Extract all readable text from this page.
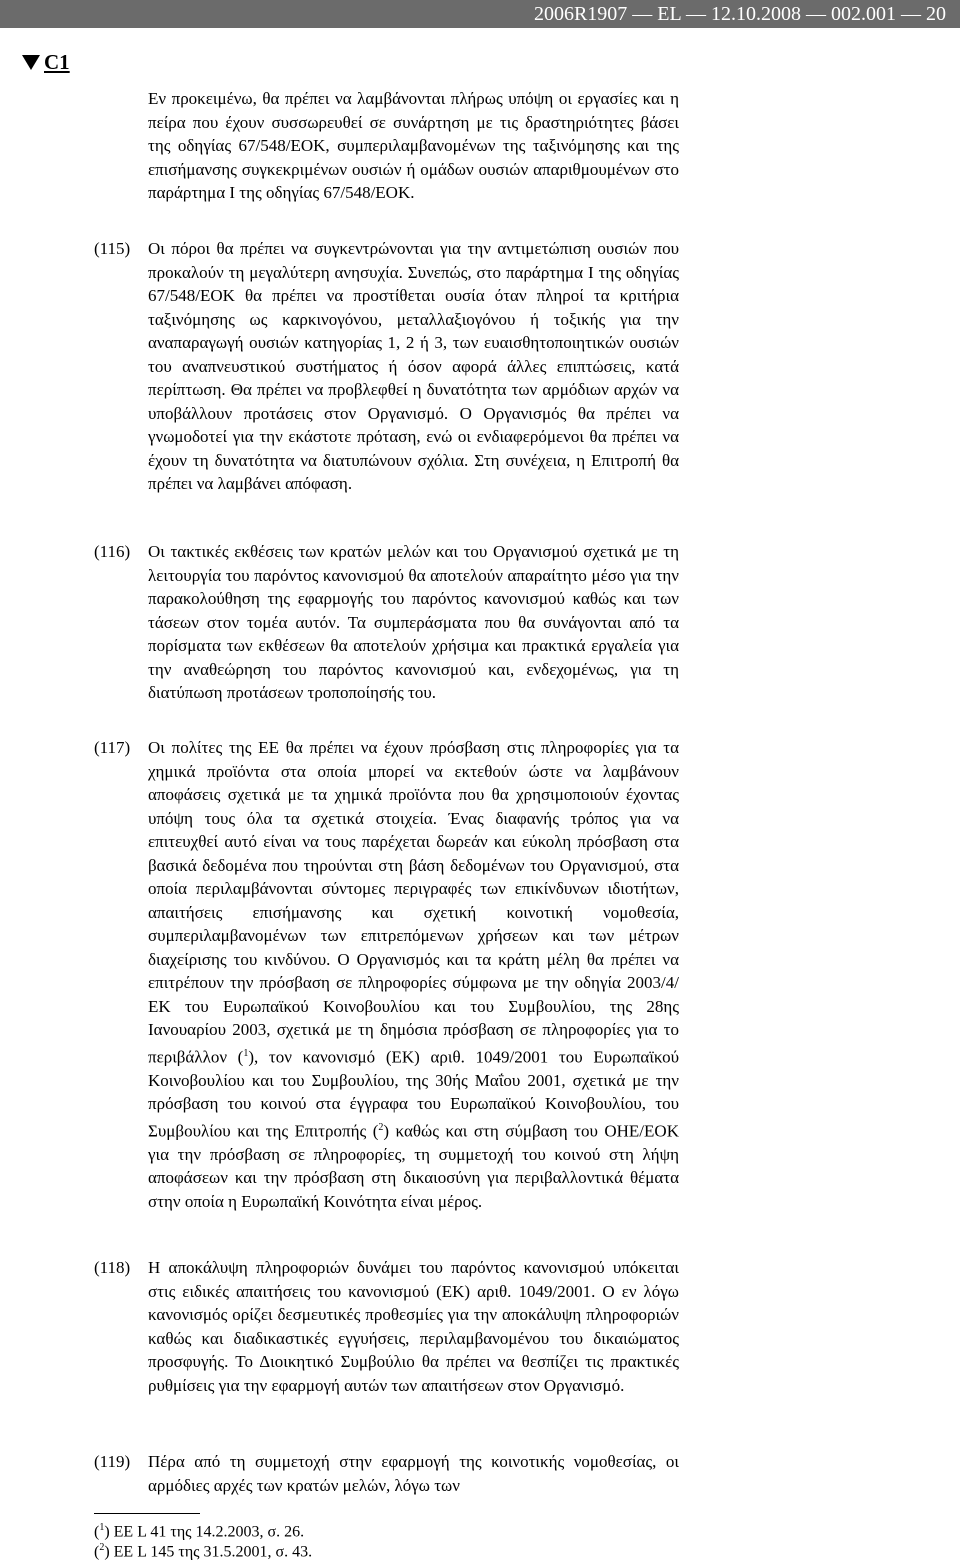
2006R1907 — EL — 12.10.2008 — 002.001 — 20
C1
Εν προκειμένω, θα πρέπει να λαμβάνονται πλήρως υπόψη οι εργασίες και η πείρα που έχουν συσσωρευθεί σε συνάρτηση με τις δραστηριότητες βάσει της οδηγίας 67/548/ΕΟΚ, συμπεριλαμβανομένων της ταξινόμησης και της επισήμανσης συγκεκριμένων ουσιών ή ομάδων ουσιών απαριθμουμένων στο παράρτημα I της οδηγίας 67/548/ΕΟΚ.
(115) Οι πόροι θα πρέπει να συγκεντρώνονται για την αντιμετώπιση ουσιών που προκαλούν τη μεγαλύτερη ανησυχία. Συνεπώς, στο παράρτημα I της οδηγίας 67/548/ΕΟΚ θα πρέπει να προστίθεται ουσία όταν πληροί τα κριτήρια ταξινόμησης ως καρκινογόνου, μεταλλαξιογόνου ή τοξικής για την αναπαραγωγή ουσιών κατηγορίας 1, 2 ή 3, των ευαισθητοποιητικών ουσιών του αναπνευστικού συστήματος ή όσον αφορά άλλες επιπτώσεις, κατά περίπτωση. Θα πρέπει να προβλεφθεί η δυνατότητα των αρμόδιων αρχών να υποβάλλουν προτάσεις στον Οργανισμό. Ο Οργανισμός θα πρέπει να γνωμοδοτεί για την εκάστοτε πρόταση, ενώ οι ενδιαφερόμενοι θα πρέπει να έχουν τη δυνατότητα να διατυπώνουν σχόλια. Στη συνέχεια, η Επιτροπή θα πρέπει να λαμβάνει απόφαση.
(116) Οι τακτικές εκθέσεις των κρατών μελών και του Οργανισμού σχετικά με τη λειτουργία του παρόντος κανονισμού θα αποτελούν απαραίτητο μέσο για την παρακολούθηση της εφαρμογής του παρόντος κανονισμού καθώς και των τάσεων στον τομέα αυτόν. Τα συμπεράσματα που θα συνάγονται από τα πορίσματα των εκθέσεων θα αποτελούν χρήσιμα και πρακτικά εργαλεία για την αναθεώρηση του παρόντος κανονισμού και, ενδεχομένως, για τη διατύπωση προτάσεων τροποποίησής του.
(117) Οι πολίτες της ΕΕ θα πρέπει να έχουν πρόσβαση στις πληροφορίες για τα χημικά προϊόντα στα οποία μπορεί να εκτεθούν ώστε να λαμβάνουν αποφάσεις σχετικά με τα χημικά προϊόντα που θα χρησιμοποιούν έχοντας υπόψη τους όλα τα σχετικά στοιχεία. Ένας διαφανής τρόπος για να επιτευχθεί αυτό είναι να τους παρέχεται δωρεάν και εύκολη πρόσβαση στα βασικά δεδομένα που τηρούνται στη βάση δεδομένων του Οργανισμού, στα οποία περιλαμβάνονται σύντομες περιγραφές των επικίνδυνων ιδιοτήτων, απαιτήσεις επισήμανσης και σχετική κοινοτική νομοθεσία, συμπεριλαμβανομένων των επιτρεπόμενων χρήσεων και των μέτρων διαχείρισης του κινδύνου. Ο Οργανισμός και τα κράτη μέλη θα πρέπει να επιτρέπουν την πρόσβαση σε πληροφορίες σύμφωνα με την οδηγία 2003/4/ΕΚ του Ευρωπαϊκού Κοινοβουλίου και του Συμβουλίου, της 28ης Ιανουαρίου 2003, σχετικά με τη δημόσια πρόσβαση σε πληροφορίες για το περιβάλλον ($^1$), τον κανονισμό (ΕΚ) αριθ. 1049/2001 του Ευρωπαϊκού Κοινοβουλίου και του Συμβουλίου, της 30ής Μαΐου 2001, σχετικά με την πρόσβαση του κοινού στα έγγραφα του Ευρωπαϊκού Κοινοβουλίου, του Συμβουλίου και της Επιτροπής ($^2$) καθώς και στη σύμβαση του ΟΗΕ/ΕΟΚ για την πρόσβαση σε πληροφορίες, τη συμμετοχή του κοινού στη λήψη αποφάσεων και την πρόσβαση στη δικαιοσύνη για περιβαλλοντικά θέματα στην οποία η Ευρωπαϊκή Κοινότητα είναι μέρος.
(118) Η αποκάλυψη πληροφοριών δυνάμει του παρόντος κανονισμού υπόκειται στις ειδικές απαιτήσεις του κανονισμού (ΕΚ) αριθ. 1049/2001. Ο εν λόγω κανονισμός ορίζει δεσμευτικές προθεσμίες για την αποκάλυψη πληροφοριών καθώς και διαδικαστικές εγγυήσεις, περιλαμβανομένου του δικαιώματος προσφυγής. Το Διοικητικό Συμβούλιο θα πρέπει να θεσπίζει τις πρακτικές ρυθμίσεις για την εφαρμογή αυτών των απαιτήσεων στον Οργανισμό.
(119) Πέρα από τη συμμετοχή στην εφαρμογή της κοινοτικής νομοθεσίας, οι αρμόδιες αρχές των κρατών μελών, λόγω των
($^1$) ΕΕ L 41 της 14.2.2003, σ. 26.
($^2$) ΕΕ L 145 της 31.5.2001, σ. 43.
